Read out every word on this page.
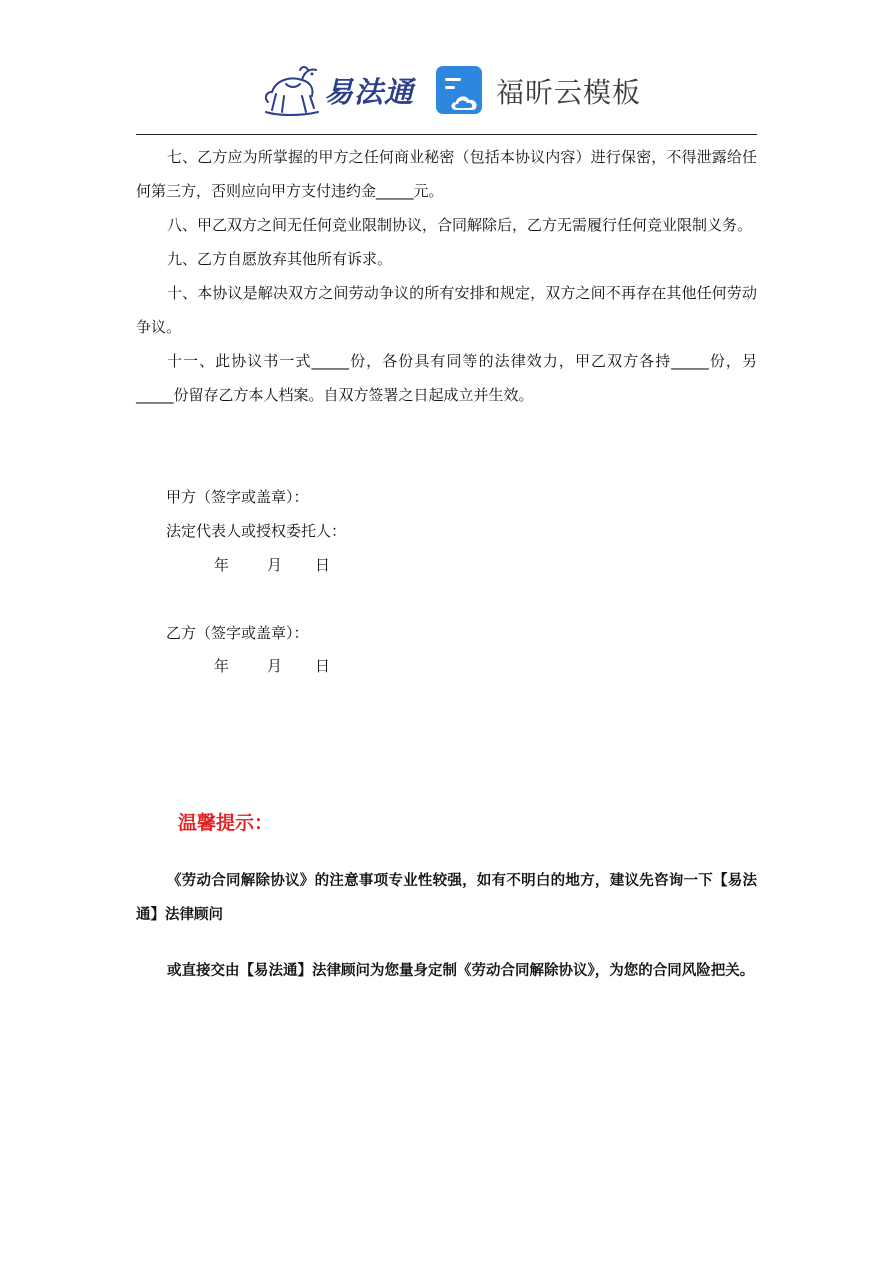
易法通	福昕云模板

七、乙方应为所掌握的甲方之任何商业秘密（包括本协议内容）进行保密，不得泄露给任何第三方，否则应向甲方支付违约金_____元。

八、甲乙双方之间无任何竞业限制协议，合同解除后，乙方无需履行任何竞业限制义务。

九、乙方自愿放弃其他所有诉求。

十、本协议是解决双方之间劳动争议的所有安排和规定，双方之间不再存在其他任何劳动争议。

十一、此协议书一式_____份，各份具有同等的法律效力，甲乙双方各持_____份，另_____份留存乙方本人档案。自双方签署之日起成立并生效。

甲方（签字或盖章）：
法定代表人或授权委托人：
年	月 日
乙方（签字或盖章）：
年	月 日
温馨提示：

《劳动合同解除协议》的注意事项专业性较强，如有不明白的地方，建议先咨询一下【易法通】法律顾问

或直接交由【易法通】法律顾问为您量身定制《劳动合同解除协议》，为您的合同风险把关。
